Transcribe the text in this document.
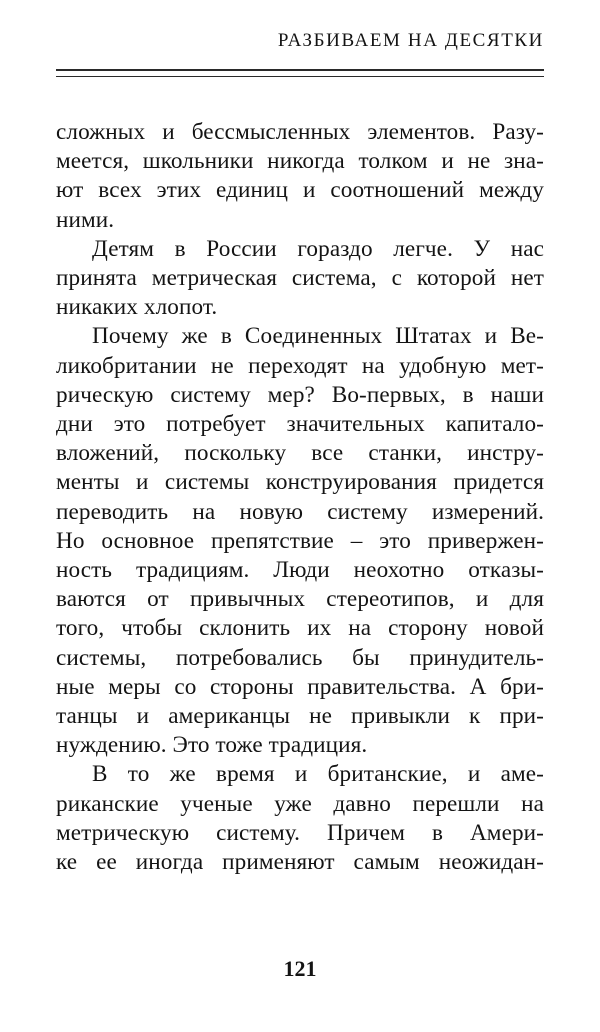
РАЗБИВАЕМ НА ДЕСЯТКИ

сложных и бессмысленных элементов. Разу-

меется, школьники никогда толком и не зна-

ют всех этих единиц и соотношений между

ними.

Детям в России гораздо легче. У нас

принята метрическая система, с которой нет

никаких хлопот.

Почему же в Соединенных Штатах и Ве-

ликобритании не переходят на удобную мет-

рическую систему мер? Во-первых, в наши

дни это потребует значительных капитало-

вложений, поскольку все станки, инстру-

менты и системы конструирования придется

переводить на новую систему измерений.

Но основное препятствие – это привержен-

ность традициям. Люди неохотно отказы-

ваются от привычных стереотипов, и для

того, чтобы склонить их на сторону новой

системы, потребовались бы принудитель-

ные меры со стороны правительства. А бри-

танцы и американцы не привыкли к при-

нуждению. Это тоже традиция.

В то же время и британские, и аме-

риканские ученые уже давно перешли на

метрическую систему. Причем в Амери-

ке ее иногда применяют самым неожидан-

121
